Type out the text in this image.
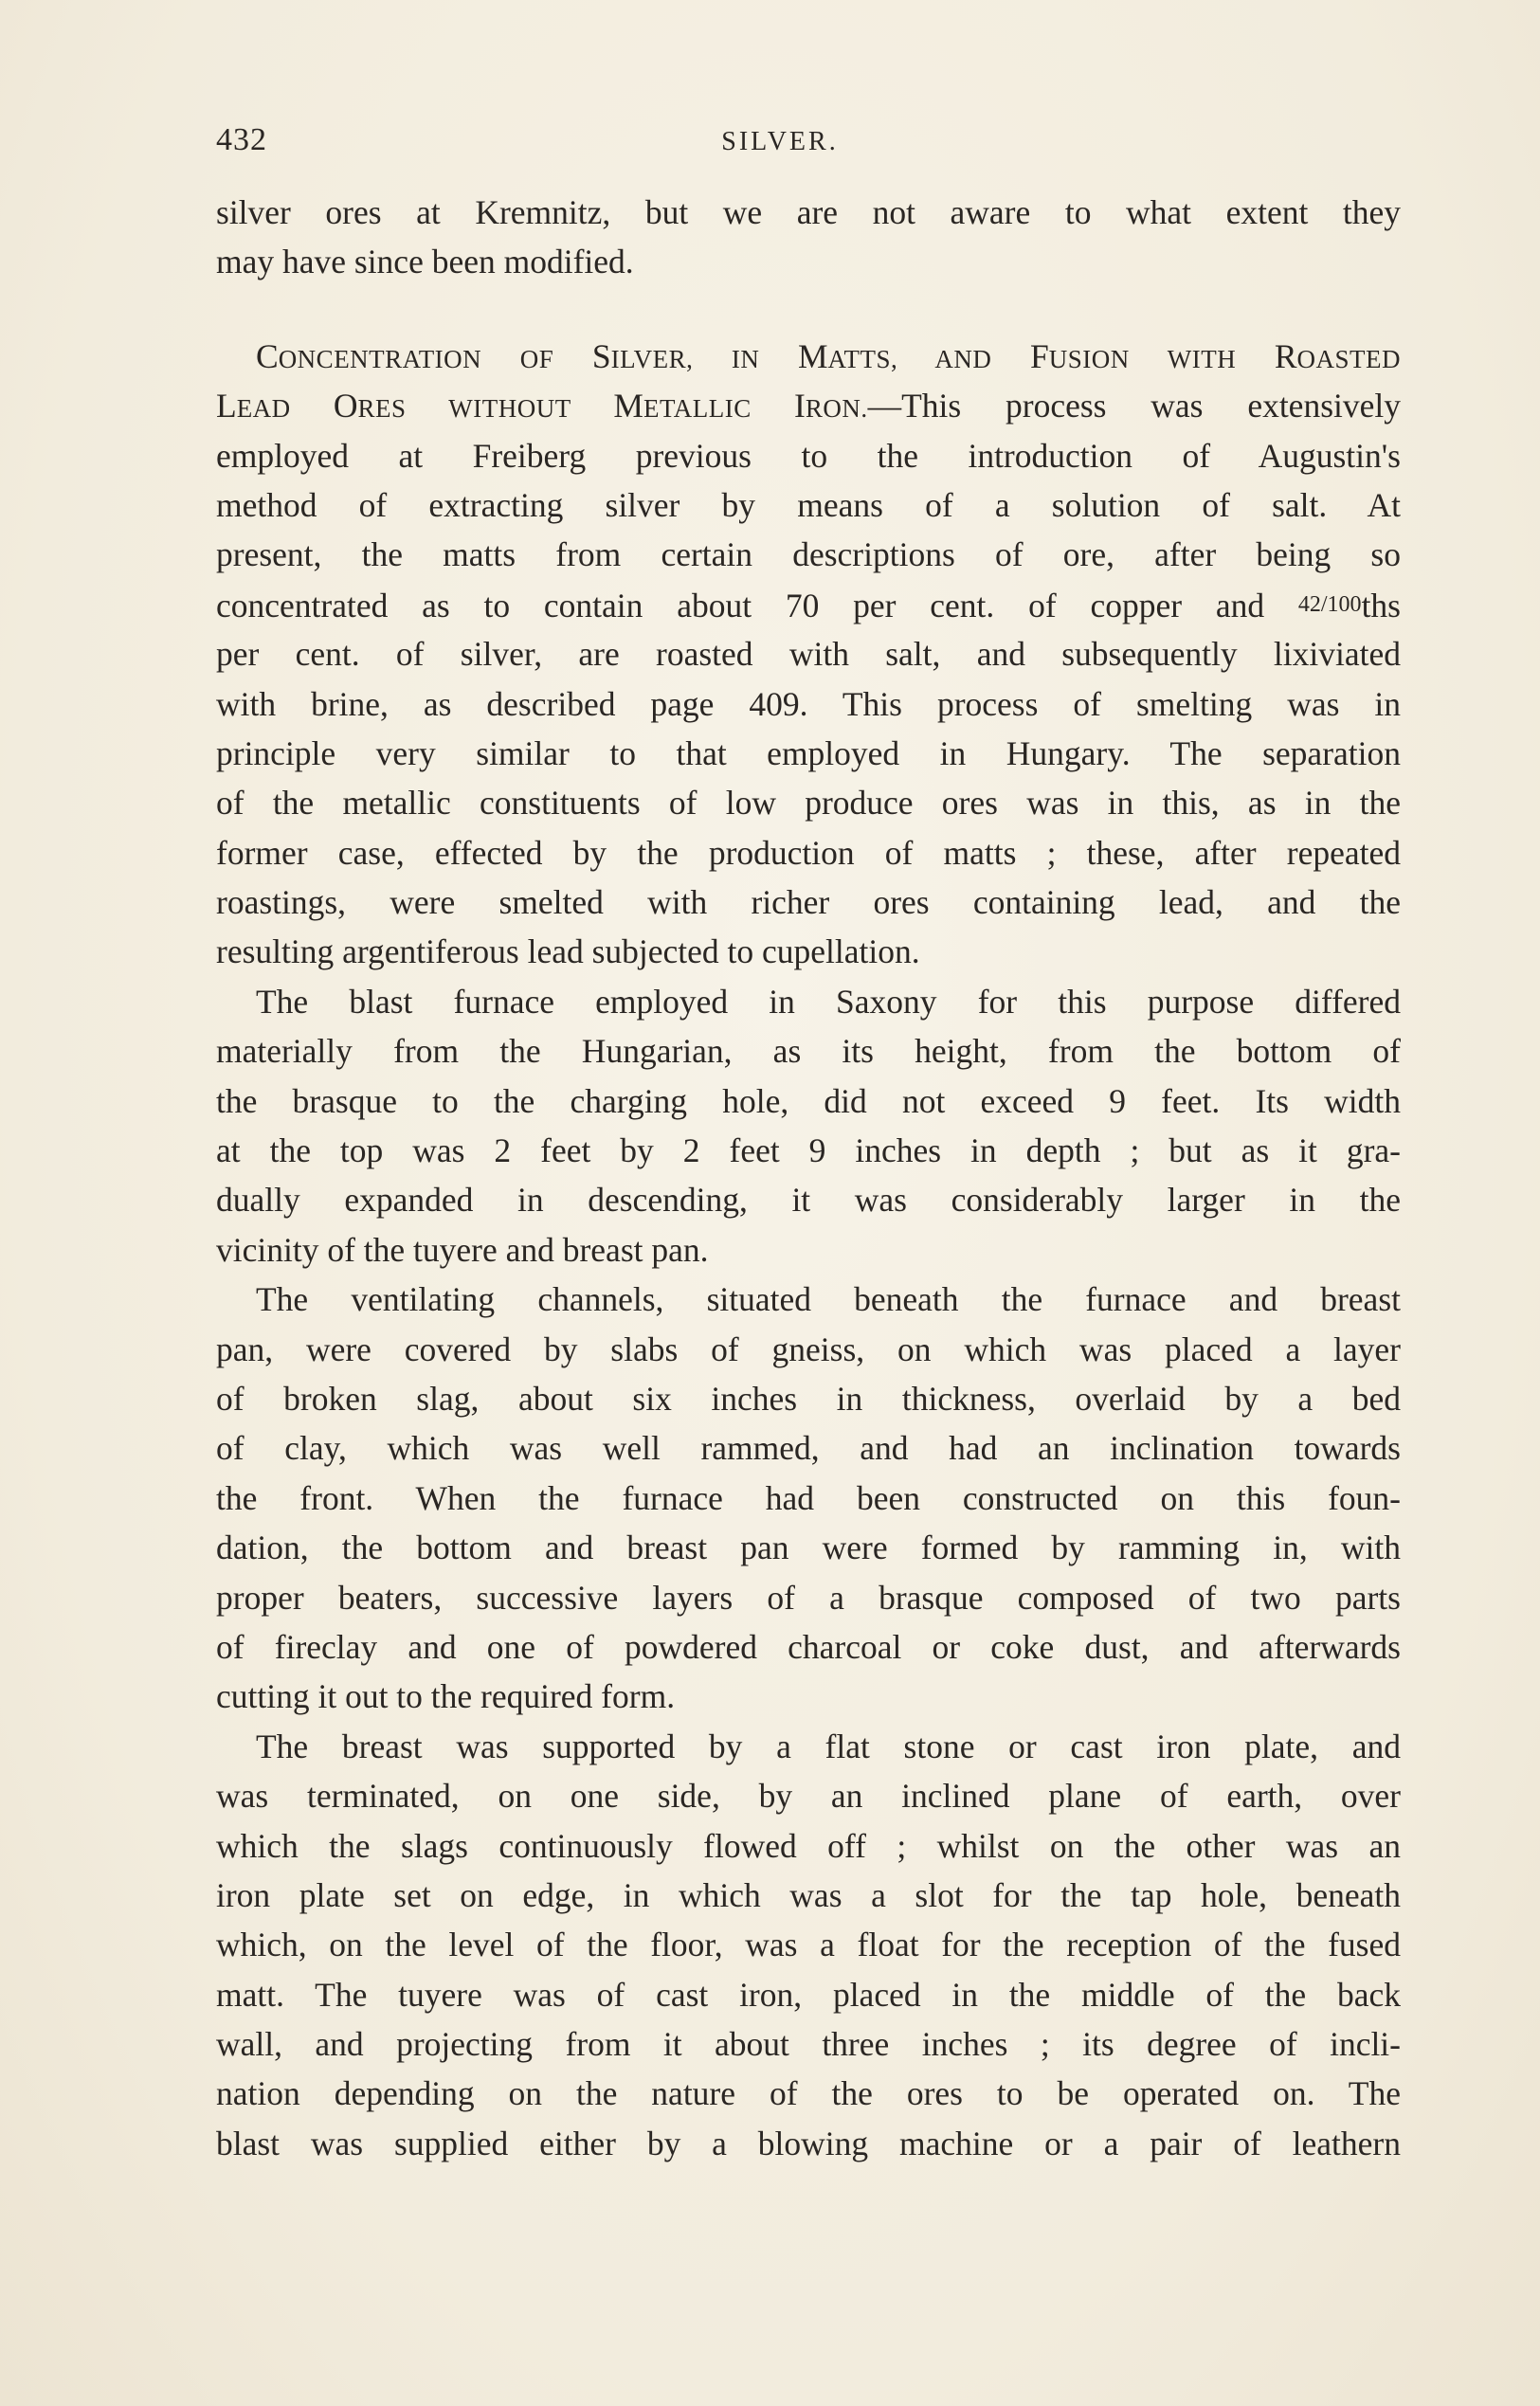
432	SILVER.
silver ores at Kremnitz, but we are not aware to what extent they
may have since been modified.
CONCENTRATION OF SILVER, IN MATTS, AND FUSION WITH ROASTED
LEAD ORES WITHOUT METALLIC IRON.—This process was extensively
employed at Freiberg previous to the introduction of Augustin's
method of extracting silver by means of a solution of salt. At
present, the matts from certain descriptions of ore, after being so
concentrated as to contain about 70 per cent. of copper and 42/100ths
per cent. of silver, are roasted with salt, and subsequently lixiviated
with brine, as described page 409. This process of smelting was in
principle very similar to that employed in Hungary. The separation
of the metallic constituents of low produce ores was in this, as in the
former case, effected by the production of matts ; these, after repeated
roastings, were smelted with richer ores containing lead, and the
resulting argentiferous lead subjected to cupellation.
The blast furnace employed in Saxony for this purpose differed
materially from the Hungarian, as its height, from the bottom of
the brasque to the charging hole, did not exceed 9 feet. Its width
at the top was 2 feet by 2 feet 9 inches in depth ; but as it gra-
dually expanded in descending, it was considerably larger in the
vicinity of the tuyere and breast pan.
The ventilating channels, situated beneath the furnace and breast
pan, were covered by slabs of gneiss, on which was placed a layer
of broken slag, about six inches in thickness, overlaid by a bed
of clay, which was well rammed, and had an inclination towards
the front. When the furnace had been constructed on this foun-
dation, the bottom and breast pan were formed by ramming in, with
proper beaters, successive layers of a brasque composed of two parts
of fireclay and one of powdered charcoal or coke dust, and afterwards
cutting it out to the required form.
The breast was supported by a flat stone or cast iron plate, and
was terminated, on one side, by an inclined plane of earth, over
which the slags continuously flowed off ; whilst on the other was an
iron plate set on edge, in which was a slot for the tap hole, beneath
which, on the level of the floor, was a float for the reception of the fused
matt. The tuyere was of cast iron, placed in the middle of the back
wall, and projecting from it about three inches ; its degree of incli-
nation depending on the nature of the ores to be operated on. The
blast was supplied either by a blowing machine or a pair of leathern
